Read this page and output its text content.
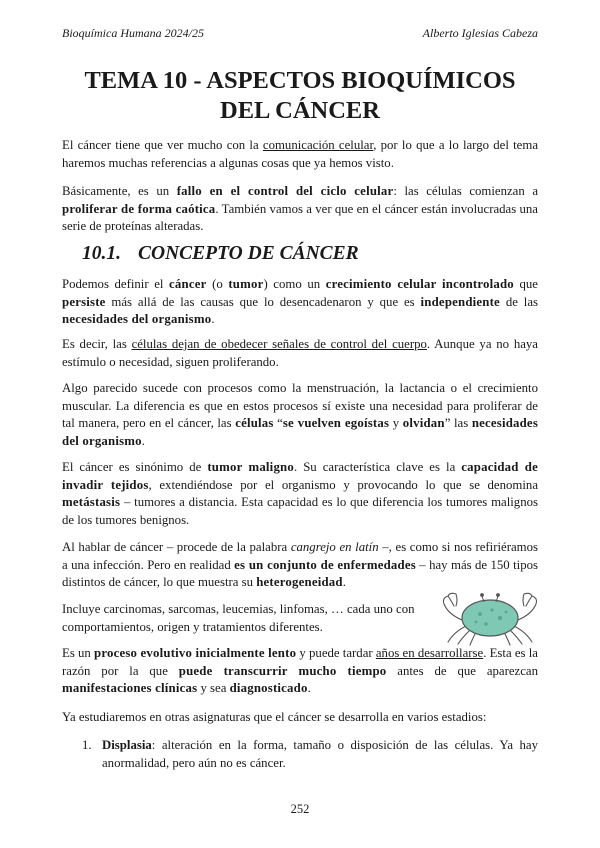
Bioquímica Humana 2024/25	Alberto Iglesias Cabeza
TEMA 10 - ASPECTOS BIOQUÍMICOS
DEL CÁNCER

El cáncer tiene que ver mucho con la comunicación celular, por lo que a lo largo del tema haremos muchas referencias a algunas cosas que ya hemos visto.

Básicamente, es un fallo en el control del ciclo celular: las células comienzan a proliferar de forma caótica. También vamos a ver que en el cáncer están involucradas una serie de proteínas alteradas.

10.1. CONCEPTO DE CÁNCER

Podemos definir el cáncer (o tumor) como un crecimiento celular incontrolado que persiste más allá de las causas que lo desencadenaron y que es independiente de las necesidades del organismo.

Es decir, las células dejan de obedecer señales de control del cuerpo. Aunque ya no haya estímulo o necesidad, siguen proliferando.

Algo parecido sucede con procesos como la menstruación, la lactancia o el crecimiento muscular. La diferencia es que en estos procesos sí existe una necesidad para proliferar de tal manera, pero en el cáncer, las células “se vuelven egoístas y olvidan” las necesidades del organismo.

El cáncer es sinónimo de tumor maligno. Su característica clave es la capacidad de invadir tejidos, extendiéndose por el organismo y provocando lo que se denomina metástasis – tumores a distancia. Esta capacidad es lo que diferencia los tumores malignos de los tumores benignos.

Al hablar de cáncer – procede de la palabra cangrejo en latín –, es como si nos refiriéramos a una infección. Pero en realidad es un conjunto de enfermedades – hay más de 150 tipos distintos de cáncer, lo que muestra su heterogeneidad.

Incluye carcinomas, sarcomas, leucemias, linfomas, … cada uno con comportamientos, origen y tratamientos diferentes.

Es un proceso evolutivo inicialmente lento y puede tardar años en desarrollarse. Esta es la razón por la que puede transcurrir mucho tiempo antes de que aparezcan manifestaciones clínicas y sea diagnosticado.

Ya estudiaremos en otras asignaturas que el cáncer se desarrolla en varios estadios:

1. Displasia: alteración en la forma, tamaño o disposición de las células. Ya hay anormalidad, pero aún no es cáncer.
252
